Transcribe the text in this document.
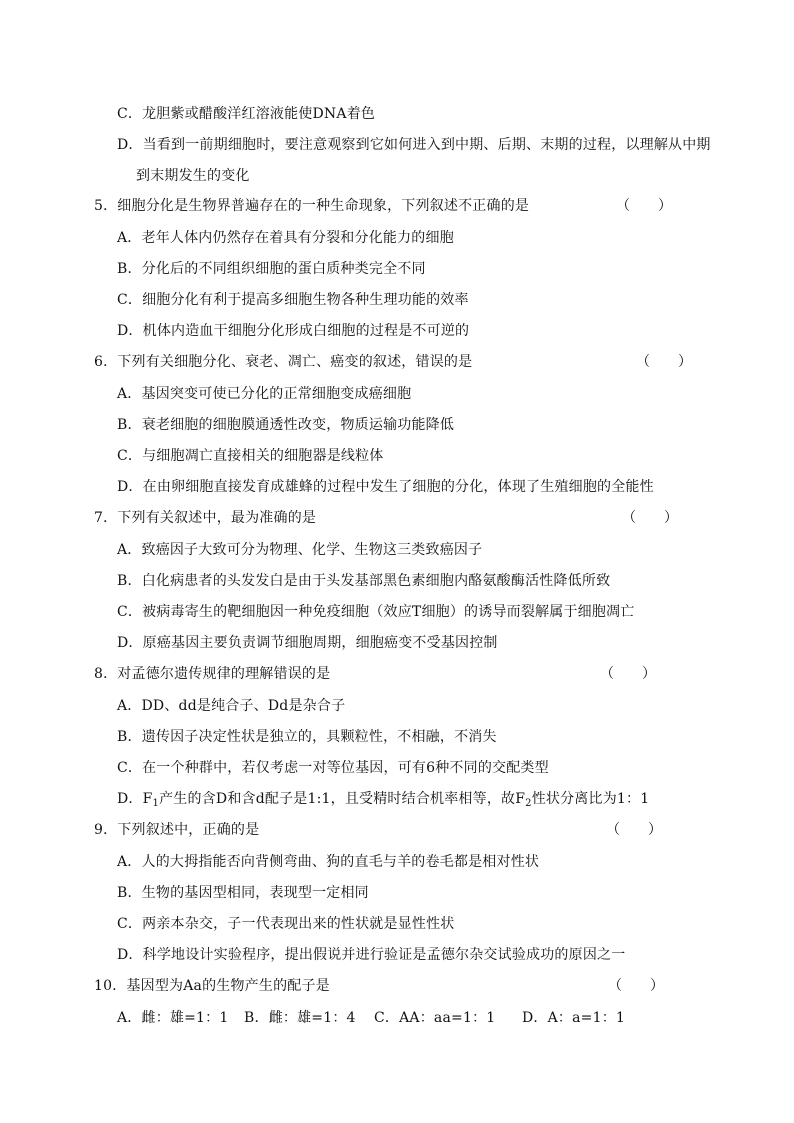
C．龙胆紫或醋酸洋红溶液能使DNA着色
D．当看到一前期细胞时，要注意观察到它如何进入到中期、后期、末期的过程，以理解从中期
到末期发生的变化
5．细胞分化是生物界普遍存在的一种生命现象，下列叙述不正确的是	（　　）
A．老年人体内仍然存在着具有分裂和分化能力的细胞
B．分化后的不同组织细胞的蛋白质种类完全不同
C．细胞分化有利于提高多细胞生物各种生理功能的效率
D．机体内造血干细胞分化形成白细胞的过程是不可逆的
6．下列有关细胞分化、衰老、凋亡、癌变的叙述，错误的是	（　　）
A．基因突变可使已分化的正常细胞变成癌细胞
B．衰老细胞的细胞膜通透性改变，物质运输功能降低
C．与细胞凋亡直接相关的细胞器是线粒体
D．在由卵细胞直接发育成雄蜂的过程中发生了细胞的分化，体现了生殖细胞的全能性
7．下列有关叙述中，最为准确的是	（　　）
A．致癌因子大致可分为物理、化学、生物这三类致癌因子
B．白化病患者的头发发白是由于头发基部黑色素细胞内酪氨酸酶活性降低所致
C．被病毒寄生的靶细胞因一种免疫细胞（效应T细胞）的诱导而裂解属于细胞凋亡
D．原癌基因主要负责调节细胞周期，细胞癌变不受基因控制
8．对孟德尔遗传规律的理解错误的是	（　　）
A．DD、dd是纯合子、Dd是杂合子
B．遗传因子决定性状是独立的，具颗粒性，不相融，不消失
C．在一个种群中，若仅考虑一对等位基因，可有6种不同的交配类型
D．$F_1$产生的含D和含d配子是1:1，且受精时结合机率相等，故$F_2$性状分离比为1：1
9．下列叙述中，正确的是	（　　）
A．人的大拇指能否向背侧弯曲、狗的直毛与羊的卷毛都是相对性状
B．生物的基因型相同，表现型一定相同
C．两亲本杂交，子一代表现出来的性状就是显性性状
D．科学地设计实验程序，提出假说并进行验证是孟德尔杂交试验成功的原因之一
10．基因型为Aa的生物产生的配子是	（　　）
A．雌：雄=1：1 B．雌：雄=1：4 C．AA：aa=1：1 D．A：a=1：1
